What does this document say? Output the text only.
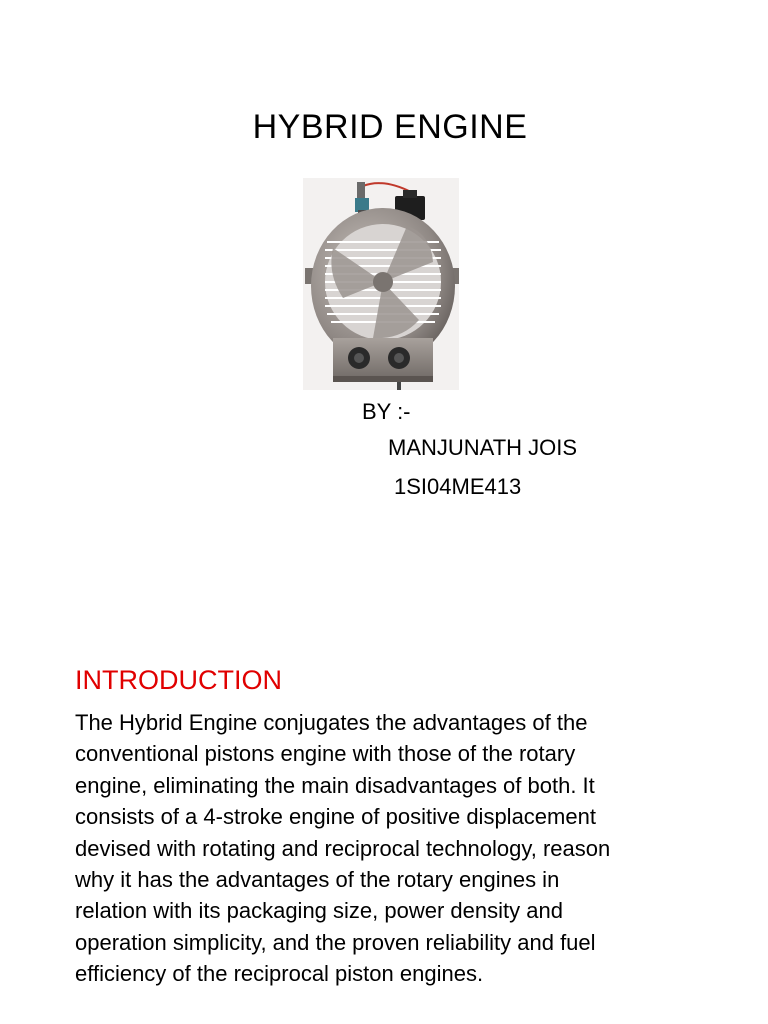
HYBRID ENGINE
BY :-
MANJUNATH JOIS
1SI04ME413
INTRODUCTION
The Hybrid Engine conjugates the advantages of the
conventional pistons engine with those of the rotary
engine, eliminating the main disadvantages of both. It
consists of a 4-stroke engine of positive displacement
devised with rotating and reciprocal technology, reason
why it has the advantages of the rotary engines in
relation with its packaging size, power density and
operation simplicity, and the proven reliability and fuel
efficiency of the reciprocal piston engines.
